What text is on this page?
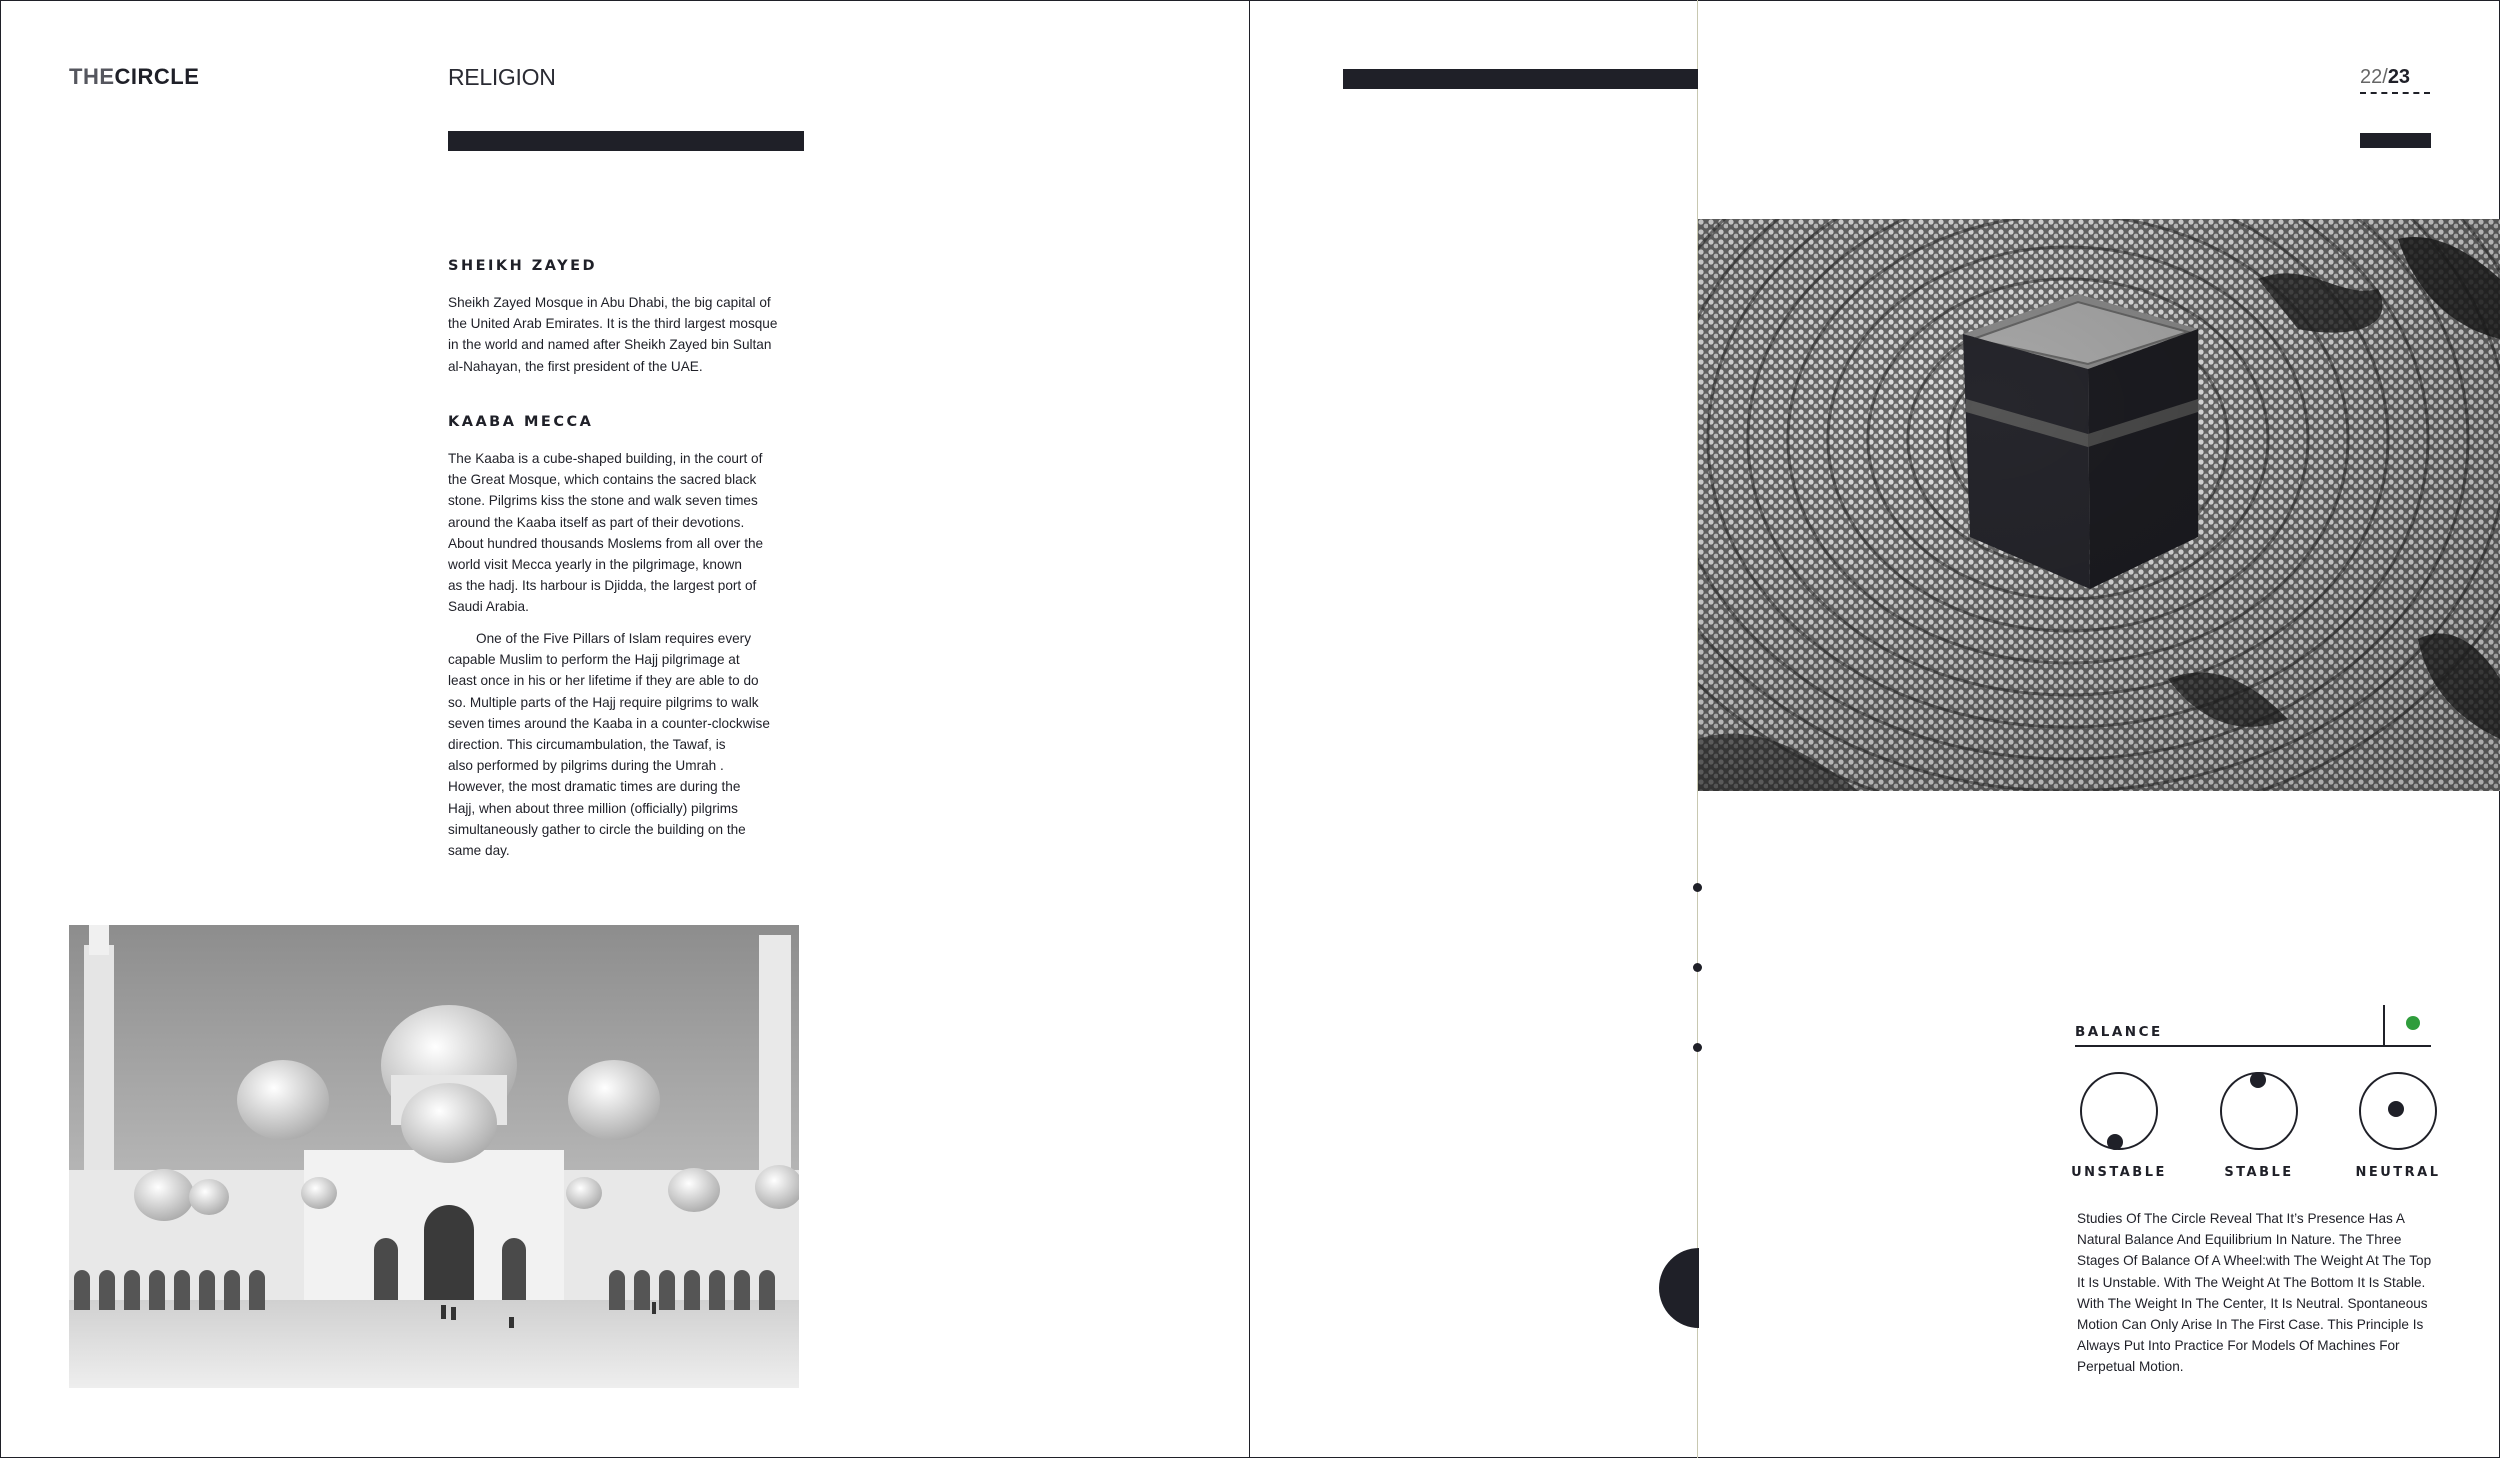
THECIRCLE	RELIGION
SHEIKH ZAYED
Sheikh Zayed Mosque in Abu Dhabi, the big capital of
the United Arab Emirates. It is the third largest mosque
in the world and named after Sheikh Zayed bin Sultan
al-Nahayan, the first president of the UAE.
KAABA MECCA
The Kaaba is a cube-shaped building, in the court of
the Great Mosque, which contains the sacred black
stone. Pilgrims kiss the stone and walk seven times
around the Kaaba itself as part of their devotions.
About hundred thousands Moslems from all over the
world visit Mecca yearly in the pilgrimage, known
as the hadj. Its harbour is Djidda, the largest port of
Saudi Arabia.
One of the Five Pillars of Islam requires every
capable Muslim to perform the Hajj pilgrimage at
least once in his or her lifetime if they are able to do
so. Multiple parts of the Hajj require pilgrims to walk
seven times around the Kaaba in a counter-clockwise
direction. This circumambulation, the Tawaf, is
also performed by pilgrims during the Umrah .
However, the most dramatic times are during the
Hajj, when about three million (officially) pilgrims
simultaneously gather to circle the building on the
same day.
22/23
BALANCE
UNSTABLE	STABLE	NEUTRAL
Studies Of The Circle Reveal That It’s Presence Has A Natural Balance And Equilibrium In Nature. The Three Stages Of Balance Of A Wheel:with The Weight At The Top It Is Unstable. With The Weight At The Bottom It Is Stable. With The Weight In The Center, It Is Neutral. Spontaneous Motion Can Only Arise In The First Case. This Principle Is Always Put Into Practice For Models Of Machines For Perpetual Motion.
